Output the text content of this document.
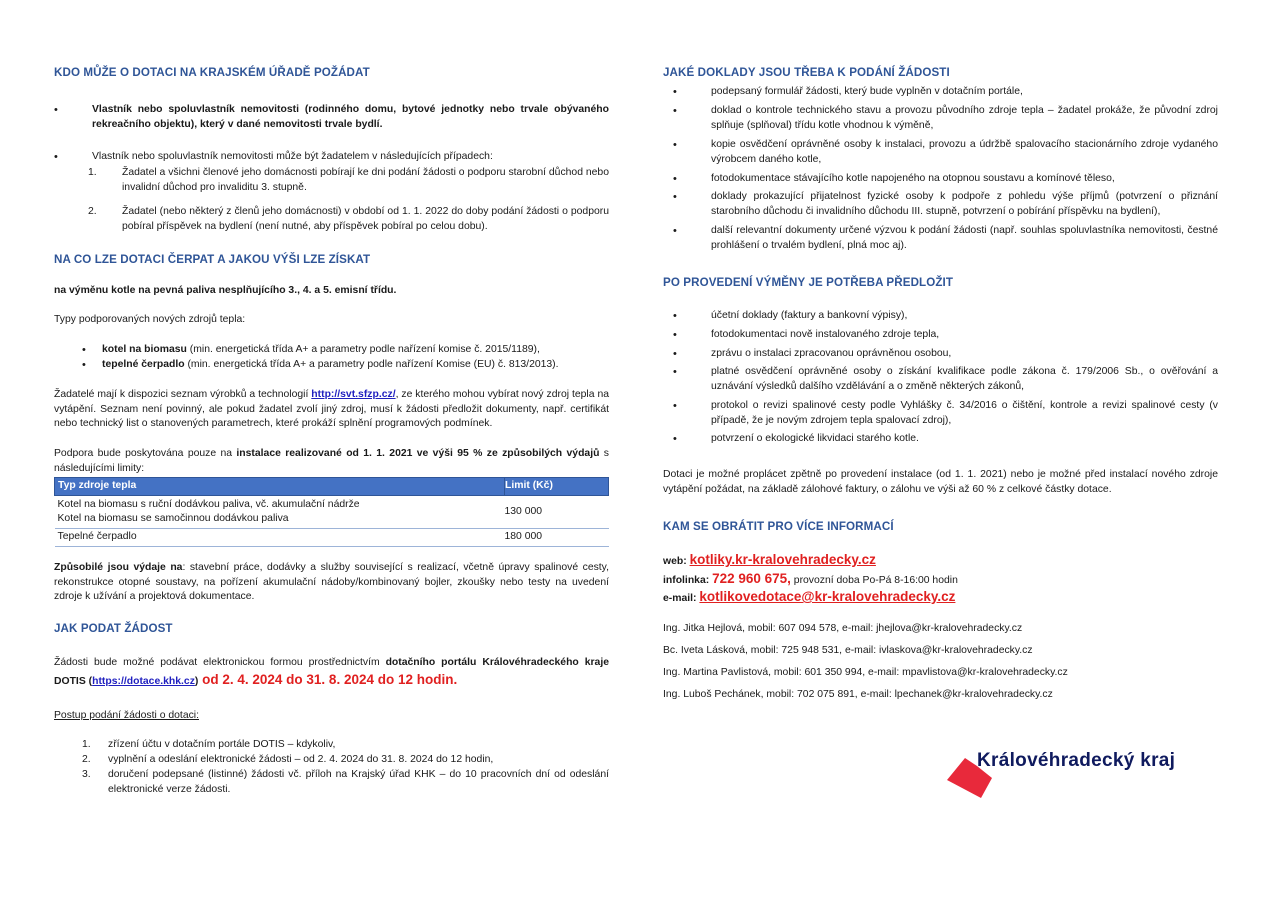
KDO MŮŽE O DOTACI NA KRAJSKÉM ÚŘADĚ POŽÁDAT
•	Vlastník nebo spoluvlastník nemovitosti (rodinného domu, bytové jednotky nebo trvale obývaného rekreačního objektu), který v dané nemovitosti trvale bydlí.
•	Vlastník nebo spoluvlastník nemovitosti může být žadatelem v následujících případech:
1.	Žadatel a všichni členové jeho domácnosti pobírají ke dni podání žádosti o podporu starobní důchod nebo invalidní důchod pro invaliditu 3. stupně.
2.	Žadatel (nebo některý z členů jeho domácnosti) v období od 1. 1. 2022 do doby podání žádosti o podporu pobíral příspěvek na bydlení (není nutné, aby příspěvek pobíral po celou dobu).
NA CO LZE DOTACI ČERPAT A JAKOU VÝŠI LZE ZÍSKAT
na výměnu kotle na pevná paliva nesplňujícího 3., 4. a 5. emisní třídu.
Typy podporovaných nových zdrojů tepla:
•	kotel na biomasu (min. energetická třída A+ a parametry podle nařízení komise č. 2015/1189),
•	tepelné čerpadlo (min. energetická třída A+ a parametry podle nařízení Komise (EU) č. 813/2013).
Žadatelé mají k dispozici seznam výrobků a technologií http://svt.sfzp.cz/, ze kterého mohou vybírat nový zdroj tepla na vytápění. Seznam není povinný, ale pokud žadatel zvolí jiný zdroj, musí k žádosti předložit dokumenty, např. certifikát nebo technický list o stanovených parametrech, které prokáží splnění programových podmínek.
Podpora bude poskytována pouze na instalace realizované od 1. 1. 2021 ve výši 95 % ze způsobilých výdajů s následujícími limity:
Typ zdroje tepla	Limit (Kč)

Kotel na biomasu s ruční dodávkou paliva, vč. akumulační nádrže
Kotel na biomasu se samočinnou dodávkou paliva	130 000

Tepelné čerpadlo	180 000
Způsobilé jsou výdaje na: stavební práce, dodávky a služby související s realizací, včetně úpravy spalinové cesty, rekonstrukce otopné soustavy, na pořízení akumulační nádoby/kombinovaný bojler, zkoušky nebo testy na uvedení zdroje k užívání a projektová dokumentace.
JAK PODAT ŽÁDOST
Žádosti bude možné podávat elektronickou formou prostřednictvím dotačního portálu Královéhradeckého kraje DOTIS (https://dotace.khk.cz) od 2. 4. 2024 do 31. 8. 2024 do 12 hodin.
Postup podání žádosti o dotaci:
1.	zřízení účtu v dotačním portále DOTIS – kdykoliv,
2.	vyplnění a odeslání elektronické žádosti – od 2. 4. 2024 do 31. 8. 2024 do 12 hodin,
3.	doručení podepsané (listinné) žádosti vč. příloh na Krajský úřad KHK – do 10 pracovních dní od odeslání elektronické verze žádosti.
JAKÉ DOKLADY JSOU TŘEBA K PODÁNÍ ŽÁDOSTI
•	podepsaný formulář žádosti, který bude vyplněn v dotačním portále,
•	doklad o kontrole technického stavu a provozu původního zdroje tepla – žadatel prokáže, že původní zdroj splňuje (splňoval) třídu kotle vhodnou k výměně,
•	kopie osvědčení oprávněné osoby k instalaci, provozu a údržbě spalovacího stacionárního zdroje vydaného výrobcem daného kotle,
•	fotodokumentace stávajícího kotle napojeného na otopnou soustavu a komínové těleso,
•	doklady prokazující přijatelnost fyzické osoby k podpoře z pohledu výše příjmů (potvrzení o přiznání starobního důchodu či invalidního důchodu III. stupně, potvrzení o pobírání příspěvku na bydlení),
•	další relevantní dokumenty určené výzvou k podání žádosti (např. souhlas spoluvlastníka nemovitosti, čestné prohlášení o trvalém bydlení, plná moc aj).
PO PROVEDENÍ VÝMĚNY JE POTŘEBA PŘEDLOŽIT
•	účetní doklady (faktury a bankovní výpisy),
•	fotodokumentaci nově instalovaného zdroje tepla,
•	zprávu o instalaci zpracovanou oprávněnou osobou,
•	platné osvědčení oprávněné osoby o získání kvalifikace podle zákona č. 179/2006 Sb., o ověřování a uznávání výsledků dalšího vzdělávání a o změně některých zákonů,
•	protokol o revizi spalinové cesty podle Vyhlášky č. 34/2016 o čištění, kontrole a revizi spalinové cesty (v případě, že je novým zdrojem tepla spalovací zdroj),
•	potvrzení o ekologické likvidaci starého kotle.
Dotaci je možné proplácet zpětně po provedení instalace (od 1. 1. 2021) nebo je možné před instalací nového zdroje vytápění požádat, na základě zálohové faktury, o zálohu ve výši až 60 % z celkové částky dotace.
KAM SE OBRÁTIT PRO VÍCE INFORMACÍ
web: kotliky.kr-kralovehradecky.cz
infolinka: 722 960 675, provozní doba Po-Pá 8-16:00 hodin
e-mail: kotlikovedotace@kr-kralovehradecky.cz
Ing. Jitka Hejlová, mobil: 607 094 578, e-mail: jhejlova@kr-kralovehradecky.cz
Bc. Iveta Lásková, mobil: 725 948 531, e-mail: ivlaskova@kr-kralovehradecky.cz
Ing. Martina Pavlistová, mobil: 601 350 994, e-mail: mpavlistova@kr-kralovehradecky.cz
Ing. Luboš Pechánek, mobil: 702 075 891, e-mail: lpechanek@kr-kralovehradecky.cz
Královéhradecký kraj
